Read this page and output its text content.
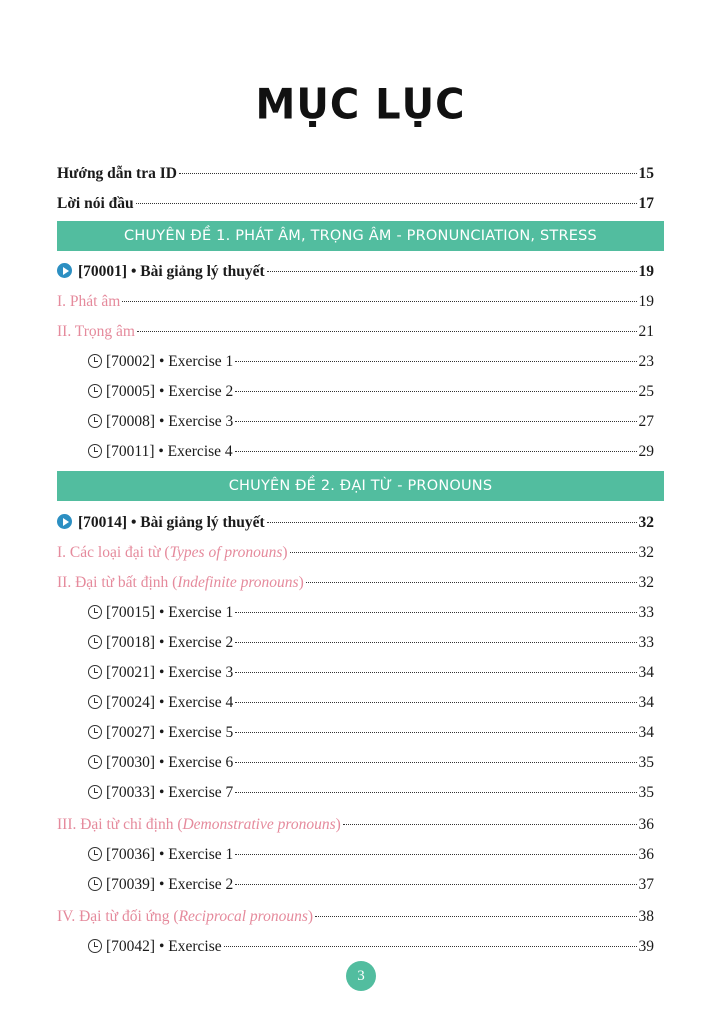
MỤC LỤC
Hướng dẫn tra ID	15
Lời nói đầu	17
CHUYÊN ĐỀ 1. PHÁT ÂM, TRỌNG ÂM - PRONUNCIATION, STRESS
[70001] • Bài giảng lý thuyết	19
I. Phát âm	19
II. Trọng âm	21
[70002] • Exercise 1	23
[70005] • Exercise 2	25
[70008] • Exercise 3	27
[70011] • Exercise 4	29
CHUYÊN ĐỀ 2. ĐẠI TỪ - PRONOUNS
[70014] • Bài giảng lý thuyết	32
I. Các loại đại từ (Types of pronouns)	32
II. Đại từ bất định (Indefinite pronouns)	32
[70015] • Exercise 1	33
[70018] • Exercise 2	33
[70021] • Exercise 3	34
[70024] • Exercise 4	34
[70027] • Exercise 5	34
[70030] • Exercise 6	35
[70033] • Exercise 7	35
III. Đại từ chỉ định (Demonstrative pronouns)	36
[70036] • Exercise 1	36
[70039] • Exercise 2	37
IV. Đại từ đối ứng (Reciprocal pronouns)	38
[70042] • Exercise	39
3
